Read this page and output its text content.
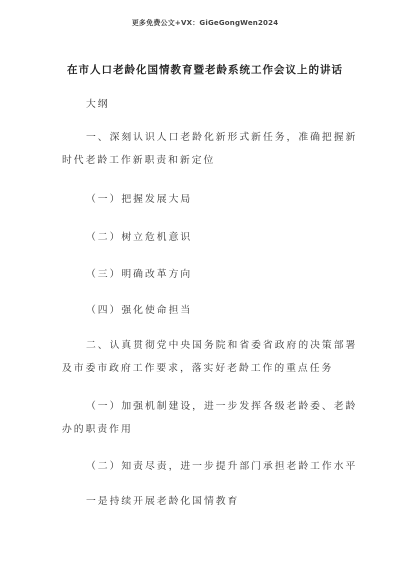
更多免费公文+VX：GiGeGongWen2024
在市人口老龄化国情教育暨老龄系统工作会议上的讲话

大纲

一、深刻认识人口老龄化新形式新任务，准确把握新时代老龄工作新职责和新定位

（一）把握发展大局

（二）树立危机意识

（三）明确改革方向

（四）强化使命担当

二、认真贯彻党中央国务院和省委省政府的决策部署及市委市政府工作要求，落实好老龄工作的重点任务

（一）加强机制建设，进一步发挥各级老龄委、老龄办的职责作用

（二）知责尽责，进一步提升部门承担老龄工作水平

一是持续开展老龄化国情教育
